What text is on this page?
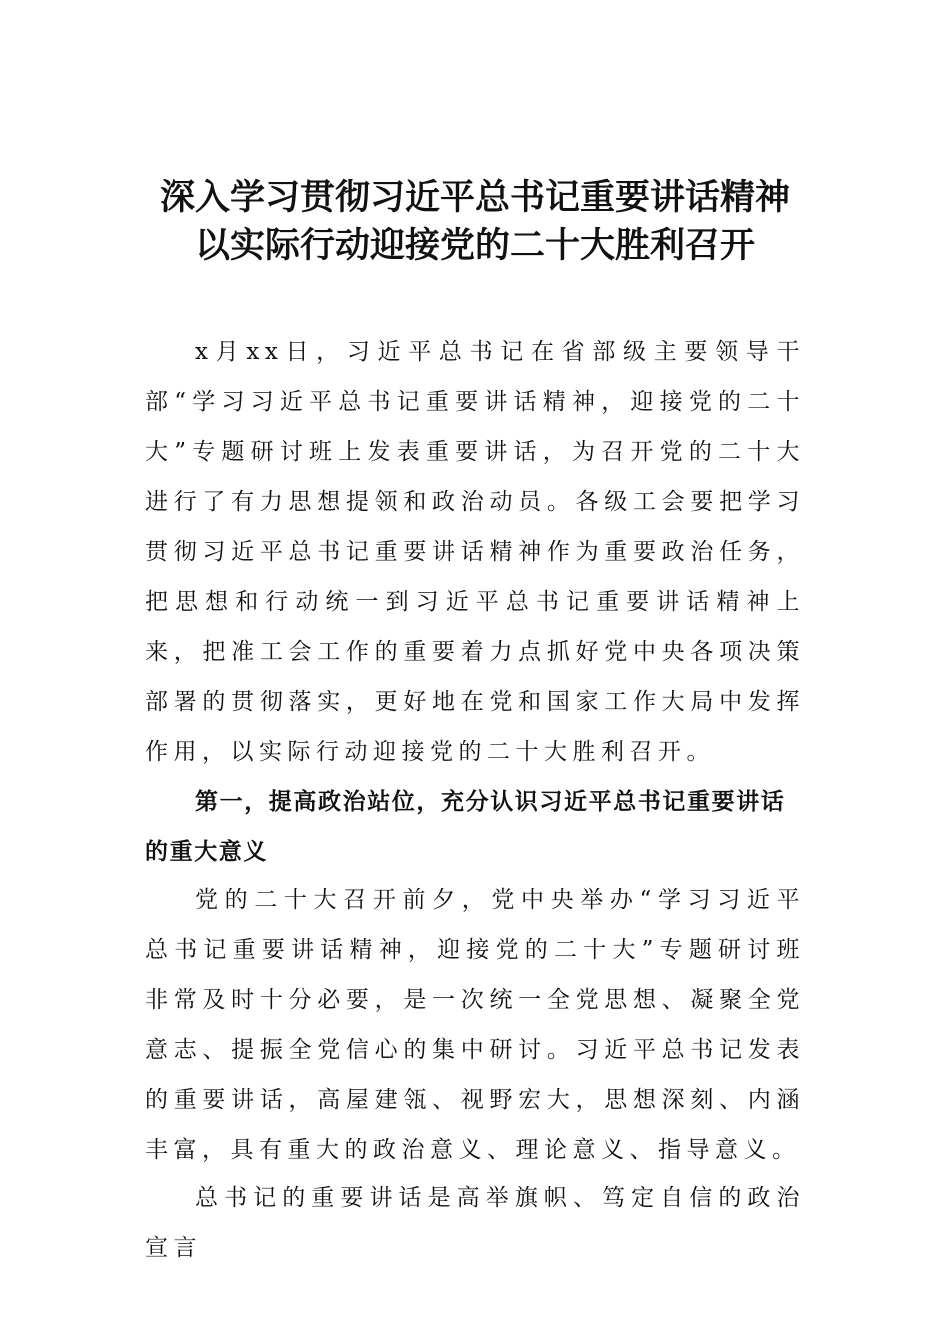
深入学习贯彻习近平总书记重要讲话精神
以实际行动迎接党的二十大胜利召开

x月xx日，习近平总书记在省部级主要领导干部“学习习近平总书记重要讲话精神，迎接党的二十大”专题研讨班上发表重要讲话，为召开党的二十大进行了有力思想提领和政治动员。各级工会要把学习贯彻习近平总书记重要讲话精神作为重要政治任务，把思想和行动统一到习近平总书记重要讲话精神上来，把准工会工作的重要着力点抓好党中央各项决策部署的贯彻落实，更好地在党和国家工作大局中发挥作用，以实际行动迎接党的二十大胜利召开。

第一，提高政治站位，充分认识习近平总书记重要讲话的重大意义

党的二十大召开前夕，党中央举办“学习习近平总书记重要讲话精神，迎接党的二十大”专题研讨班非常及时十分必要，是一次统一全党思想、凝聚全党意志、提振全党信心的集中研讨。习近平总书记发表的重要讲话，高屋建瓴、视野宏大，思想深刻、内涵丰富，具有重大的政治意义、理论意义、指导意义。

总书记的重要讲话是高举旗帜、笃定自信的政治宣言
